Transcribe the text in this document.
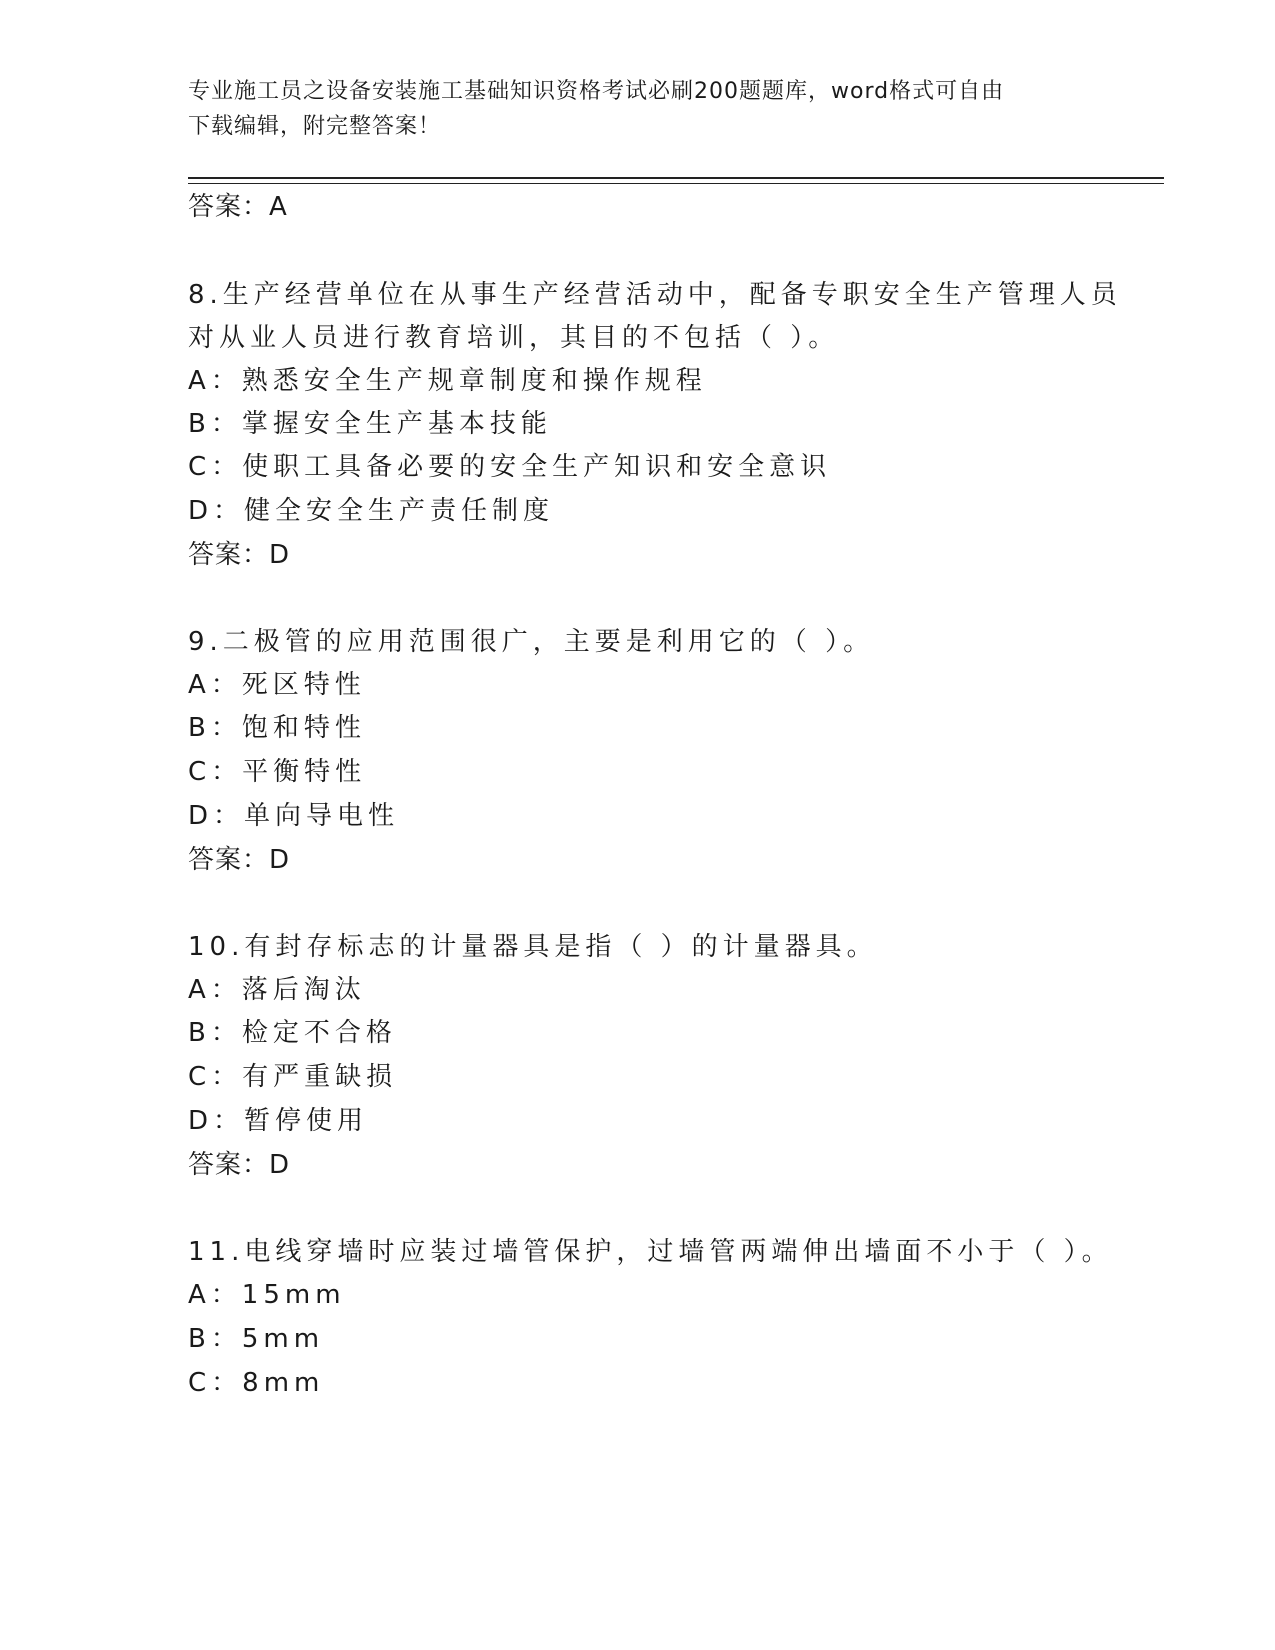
专业施工员之设备安装施工基础知识资格考试必刷200题题库，word格式可自由
下载编辑，附完整答案！

答案：A

8.生产经营单位在从事生产经营活动中，配备专职安全生产管理人员

对从业人员进行教育培训，其目的不包括（ ）。

A：熟悉安全生产规章制度和操作规程

B：掌握安全生产基本技能

C：使职工具备必要的安全生产知识和安全意识

D：健全安全生产责任制度

答案：D

9.二极管的应用范围很广，主要是利用它的（ ）。

A：死区特性

B：饱和特性

C：平衡特性

D：单向导电性

答案：D

10.有封存标志的计量器具是指（ ）的计量器具。

A：落后淘汰

B：检定不合格

C：有严重缺损

D：暂停使用

答案：D

11.电线穿墙时应装过墙管保护，过墙管两端伸出墙面不小于（ ）。

A：15mm

B：5mm

C：8mm
